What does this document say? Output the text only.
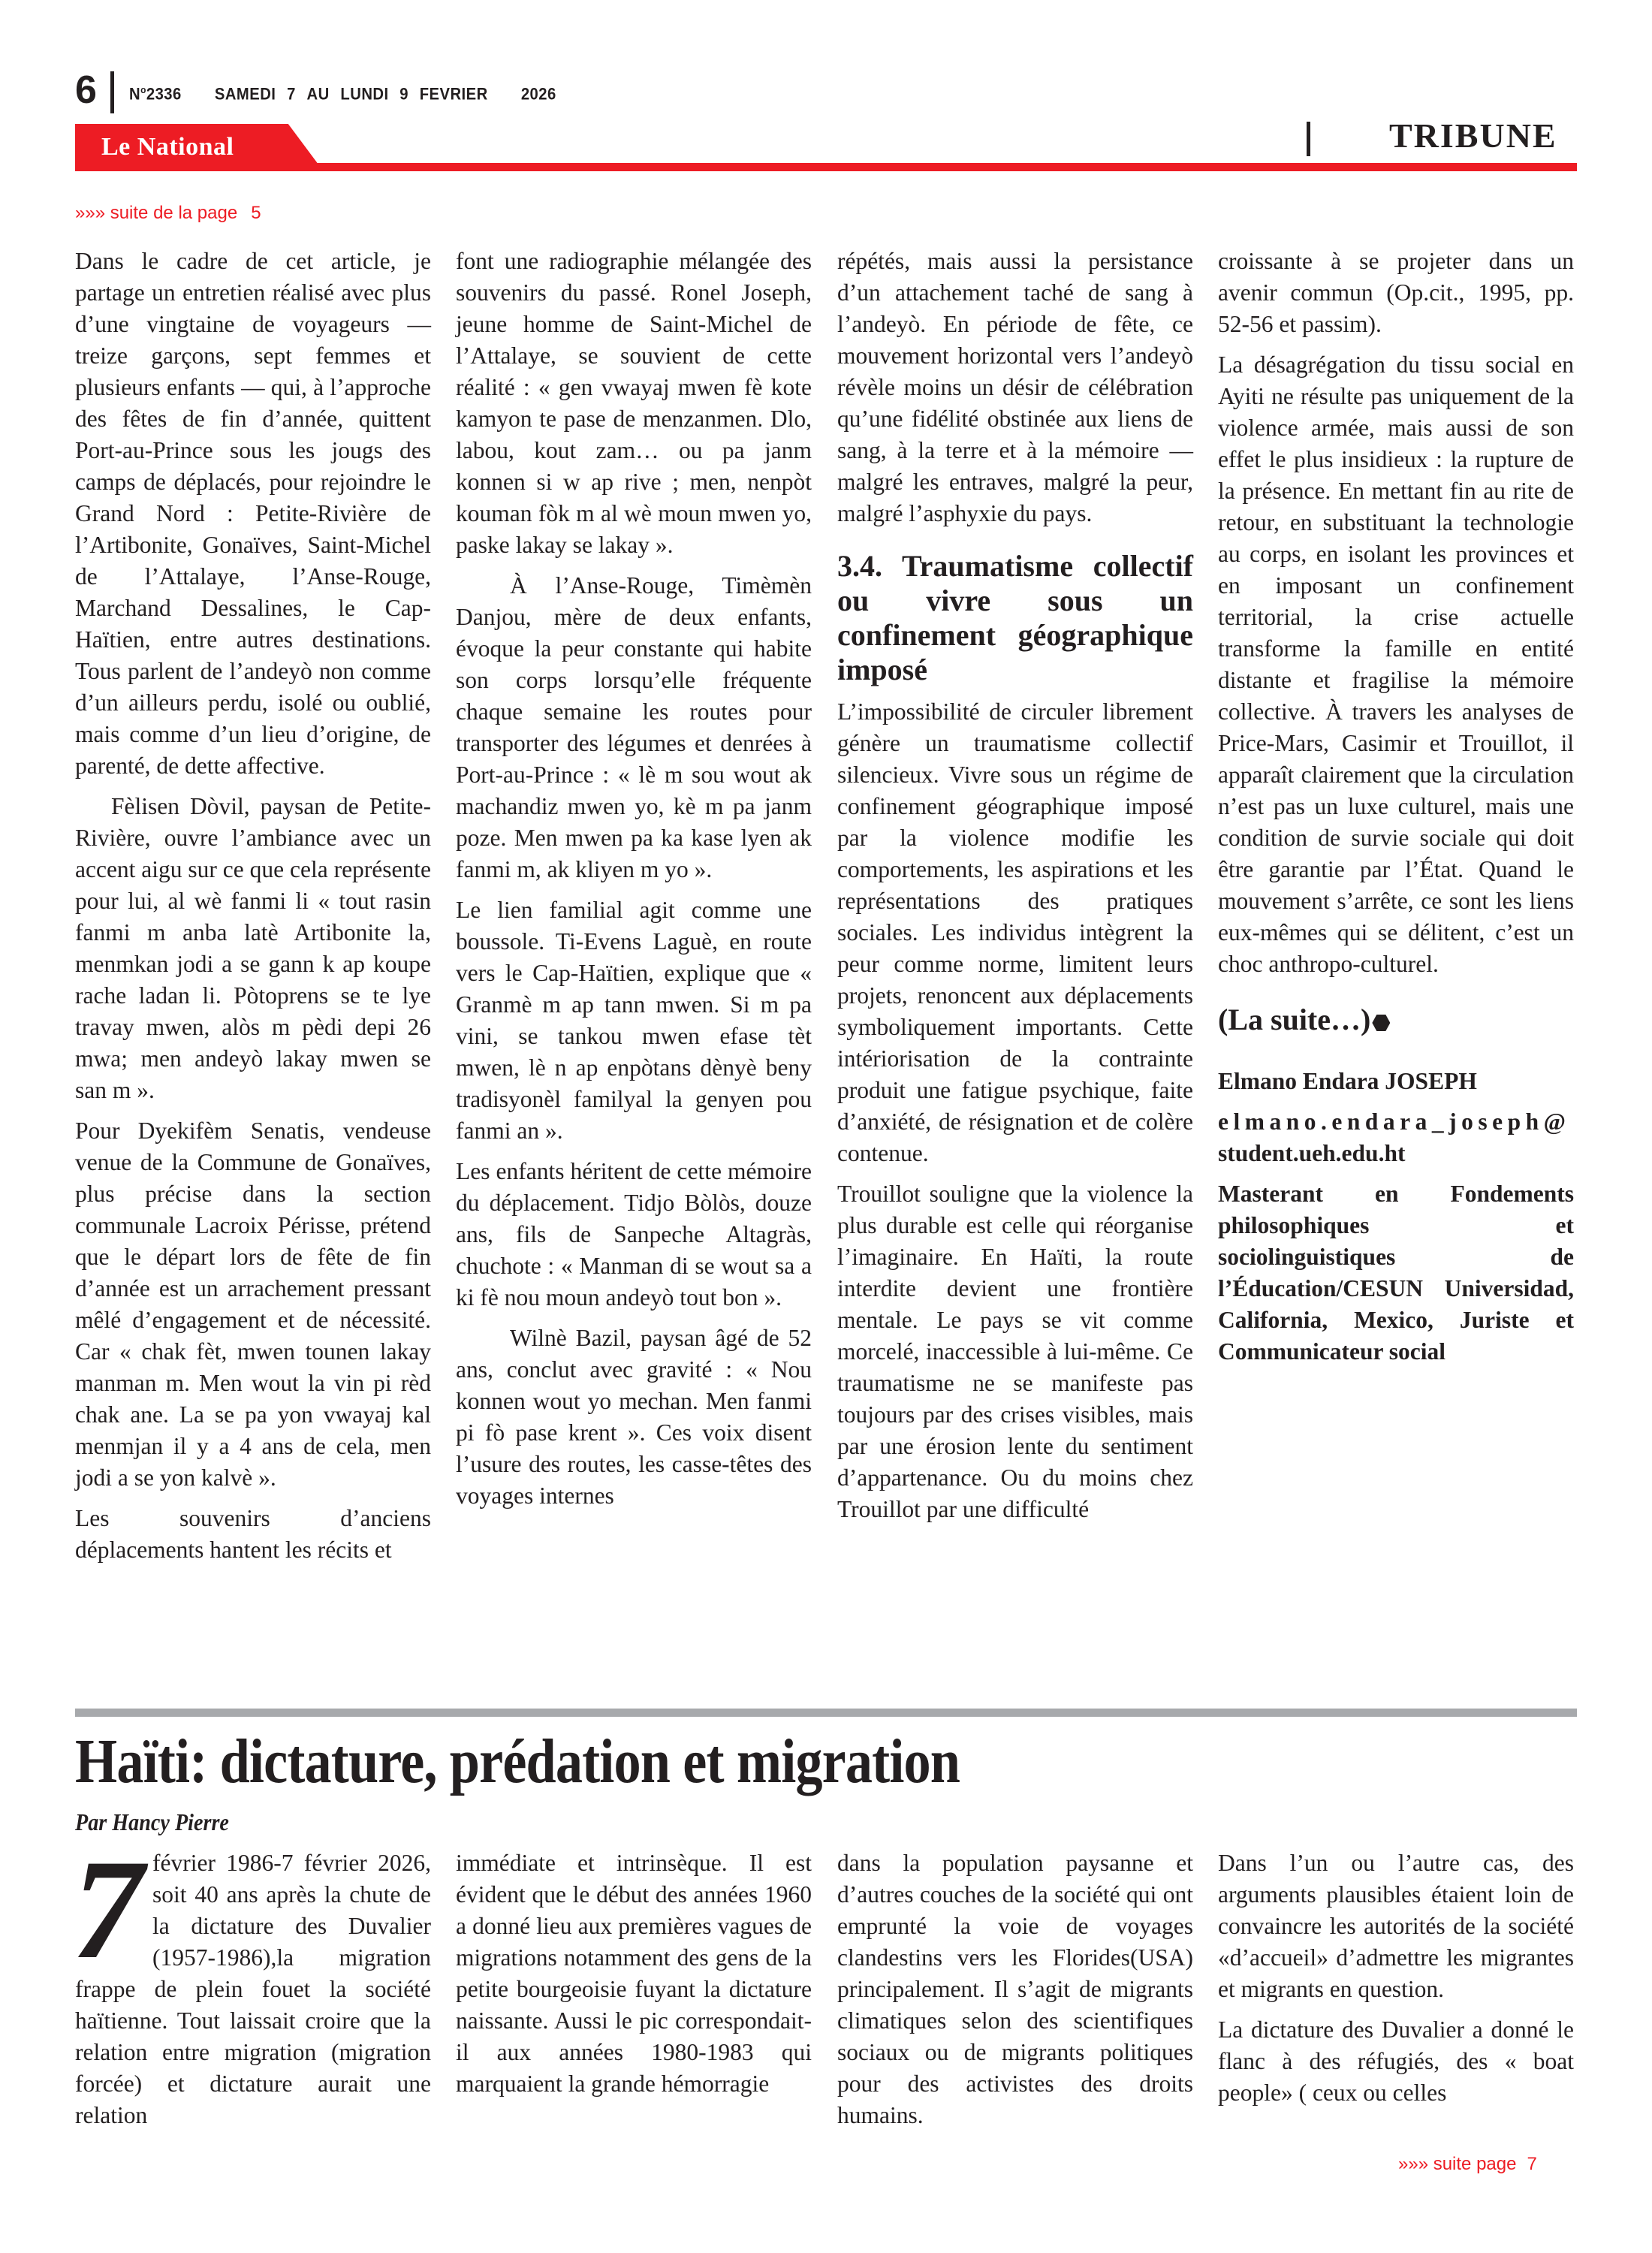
6 $N^o2336$ SAMEDI 7 AU LUNDI 9 FEVRIER 2026
Le National	TRIBUNE
»»» suite de la page 5

Dans le cadre de cet article, je partage un entretien réalisé avec plus d’une vingtaine de voyageurs — treize garçons, sept femmes et plusieurs enfants — qui, à l’approche des fêtes de fin d’année, quittent Port-au-Prince sous les jougs des camps de déplacés, pour rejoindre le Grand Nord : Petite-Rivière de l’Artibonite, Gonaïves, Saint-Michel de l’Attalaye, l’Anse-Rouge, Marchand Dessalines, le Cap-Haïtien, entre autres destinations. Tous parlent de l’andeyò non comme d’un ailleurs perdu, isolé ou oublié, mais comme d’un lieu d’origine, de parenté, de dette affective.

Fèlisen Dòvil, paysan de Petite-Rivière, ouvre l’ambiance avec un accent aigu sur ce que cela représente pour lui, al wè fanmi li « tout rasin fanmi m anba latè Artibonite la, menmkan jodi a se gann k ap koupe rache ladan li. Pòtoprens se te lye travay mwen, alòs m pèdi depi 26 mwa; men andeyò lakay mwen se san m ».

Pour Dyekifèm Senatis, vendeuse venue de la Commune de Gonaïves, plus précise dans la section communale Lacroix Périsse, prétend que le départ lors de fête de fin d’année est un arrachement pressant mêlé d’engagement et de nécessité. Car « chak fèt, mwen tounen lakay manman m. Men wout la vin pi rèd chak ane. La se pa yon vwayaj kal menmjan il y a 4 ans de cela, men jodi a se yon kalvè ».

Les souvenirs d’anciens déplacements hantent les récits et

font une radiographie mélangée des souvenirs du passé. Ronel Joseph, jeune homme de Saint-Michel de l’Attalaye, se souvient de cette réalité : « gen vwayaj mwen fè kote kamyon te pase de menzanmen. Dlo, labou, kout zam… ou pa janm konnen si w ap rive ; men, nenpòt kouman fòk m al wè moun mwen yo, paske lakay se lakay ».

À l’Anse-Rouge, Timèmèn Danjou, mère de deux enfants, évoque la peur constante qui habite son corps lorsqu’elle fréquente chaque semaine les routes pour transporter des légumes et denrées à Port-au-Prince : « lè m sou wout ak machandiz mwen yo, kè m pa janm poze. Men mwen pa ka kase lyen ak fanmi m, ak kliyen m yo ».

Le lien familial agit comme une boussole. Ti-Evens Laguè, en route vers le Cap-Haïtien, explique que « Granmè m ap tann mwen. Si m pa vini, se tankou mwen efase tèt mwen, lè n ap enpòtans dènyè beny tradisyonèl familyal la genyen pou fanmi an ».

Les enfants héritent de cette mémoire du déplacement. Tidjo Bòlòs, douze ans, fils de Sanpeche Altagràs, chuchote : « Manman di se wout sa a ki fè nou moun andeyò tout bon ».

Wilnè Bazil, paysan âgé de 52 ans, conclut avec gravité : « Nou konnen wout yo mechan. Men fanmi pi fò pase krent ». Ces voix disent l’usure des routes, les casse-têtes des voyages internes

répétés, mais aussi la persistance d’un attachement taché de sang à l’andeyò. En période de fête, ce mouvement horizontal vers l’andeyò révèle moins un désir de célébration qu’une fidélité obstinée aux liens de sang, à la terre et à la mémoire — malgré les entraves, malgré la peur, malgré l’asphyxie du pays.

3.4. Traumatisme collectif ou vivre sous un confinement géographique imposé

L’impossibilité de circuler librement génère un traumatisme collectif silencieux. Vivre sous un régime de confinement géographique imposé par la violence modifie les comportements, les aspirations et les représentations des pratiques sociales. Les individus intègrent la peur comme norme, limitent leurs projets, renoncent aux déplacements symboliquement importants. Cette intériorisation de la contrainte produit une fatigue psychique, faite d’anxiété, de résignation et de colère contenue.

Trouillot souligne que la violence la plus durable est celle qui réorganise l’imaginaire. En Haïti, la route interdite devient une frontière mentale. Le pays se vit comme morcelé, inaccessible à lui-même. Ce traumatisme ne se manifeste pas toujours par des crises visibles, mais par une érosion lente du sentiment d’appartenance. Ou du moins chez Trouillot par une difficulté

croissante à se projeter dans un avenir commun (Op.cit., 1995, pp. 52-56 et passim).

La désagrégation du tissu social en Ayiti ne résulte pas uniquement de la violence armée, mais aussi de son effet le plus insidieux : la rupture de la présence. En mettant fin au rite de retour, en substituant la technologie au corps, en isolant les provinces et en imposant un confinement territorial, la crise actuelle transforme la famille en entité distante et fragilise la mémoire collective. À travers les analyses de Price-Mars, Casimir et Trouillot, il apparaît clairement que la circulation n’est pas un luxe culturel, mais une condition de survie sociale qui doit être garantie par l’État. Quand le mouvement s’arrête, ce sont les liens eux-mêmes qui se délitent, c’est un choc anthropo-culturel.

(La suite…)

Elmano Endara JOSEPH

elmano.endara_joseph@
student.ueh.edu.ht

Masterant en Fondements philosophiques et sociolinguistiques de l’Éducation/CESUN Universidad, California, Mexico, Juriste et Communicateur social

Haïti: dictature, prédation et migration
Par Hancy Pierre

7 février 1986-7 février 2026, soit 40 ans après la chute de la dictature des Duvalier (1957-1986),la migration frappe de plein fouet la société haïtienne. Tout laissait croire que la relation entre migration (migration forcée) et dictature aurait une relation

immédiate et intrinsèque. Il est évident que le début des années 1960 a donné lieu aux premières vagues de migrations notamment des gens de la petite bourgeoisie fuyant la dictature naissante. Aussi le pic correspondait-il aux années 1980-1983 qui marquaient la grande hémorragie

dans la population paysanne et d’autres couches de la société qui ont emprunté la voie de voyages clandestins vers les Florides(USA) principalement. Il s’agit de migrants climatiques selon des scientifiques sociaux ou de migrants politiques pour des activistes des droits humains.

Dans l’un ou l’autre cas, des arguments plausibles étaient loin de convaincre les autorités de la société «d’accueil» d’admettre les migrantes et migrants en question.

La dictature des Duvalier a donné le flanc à des réfugiés, des « boat people» ( ceux ou celles

»»» suite page 7
